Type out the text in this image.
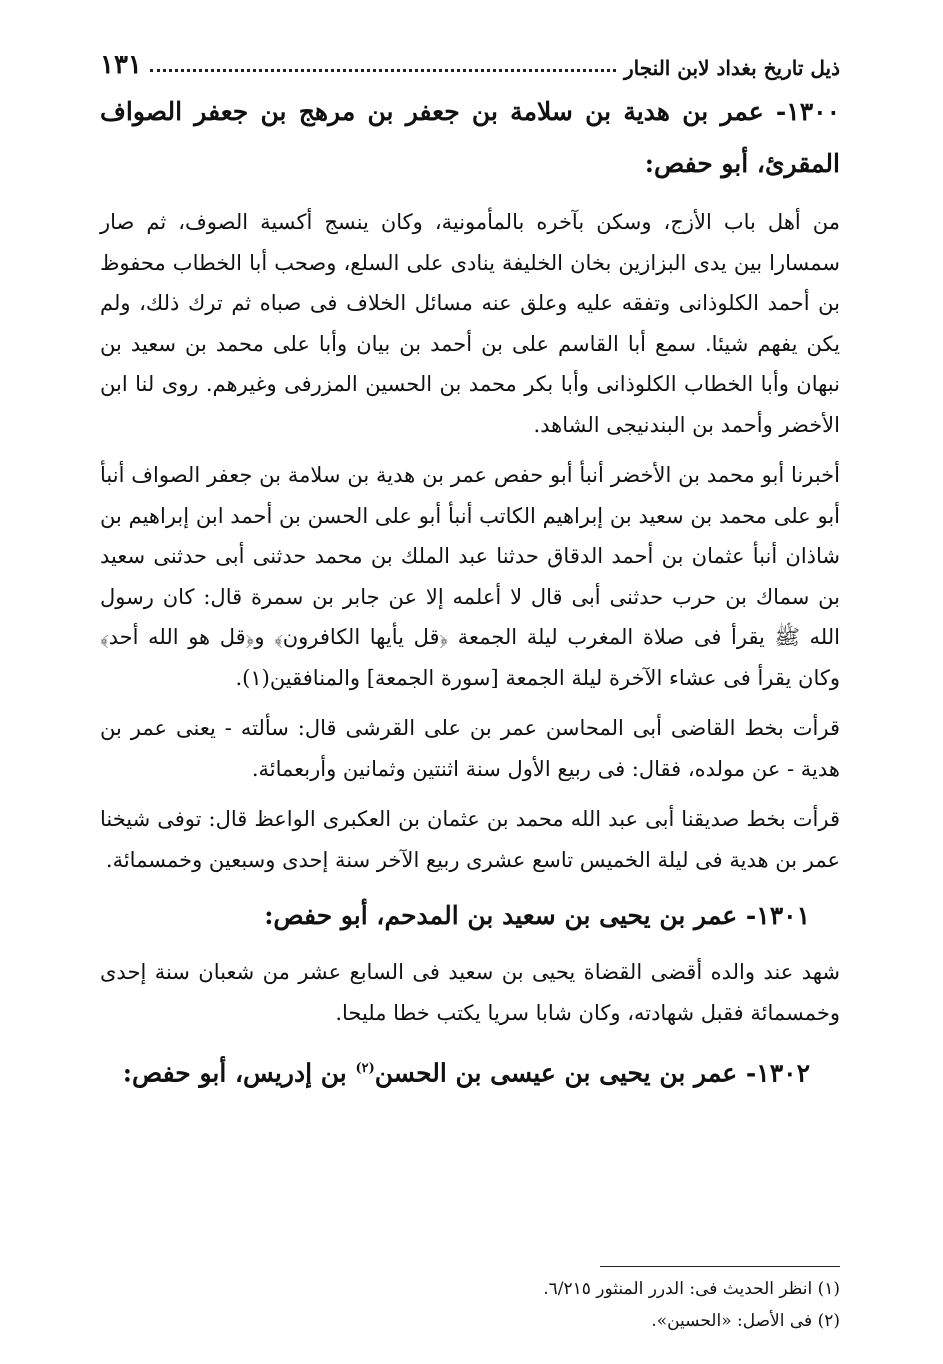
ذيل تاريخ بغداد لابن النجار
١٣١

١٣٠٠- عمر بن هدية بن سلامة بن جعفر بن مرهج بن جعفر الصواف المقرئ، أبو حفص:

من أهل باب الأزج، وسكن بآخره بالمأمونية، وكان ينسج أكسية الصوف، ثم صار سمسارا بين يدى البزازين بخان الخليفة ينادى على السلع، وصحب أبا الخطاب محفوظ بن أحمد الكلوذانى وتفقه عليه وعلق عنه مسائل الخلاف فى صباه ثم ترك ذلك، ولم يكن يفهم شيئا. سمع أبا القاسم على بن أحمد بن بيان وأبا على محمد بن سعيد بن نبهان وأبا الخطاب الكلوذانى وأبا بكر محمد بن الحسين المزرفى وغيرهم. روى لنا ابن الأخضر وأحمد بن البندنيجى الشاهد.

أخبرنا أبو محمد بن الأخضر أنبأ أبو حفص عمر بن هدية بن سلامة بن جعفر الصواف أنبأ أبو على محمد بن سعيد بن إبراهيم الكاتب أنبأ أبو على الحسن بن أحمد ابن إبراهيم بن شاذان أنبأ عثمان بن أحمد الدقاق حدثنا عبد الملك بن محمد حدثنى أبى حدثنى سعيد بن سماك بن حرب حدثنى أبى قال لا أعلمه إلا عن جابر بن سمرة قال: كان رسول الله ﷺ يقرأ فى صلاة المغرب ليلة الجمعة ﴿قل يأيها الكافرون﴾ و﴿قل هو الله أحد﴾ وكان يقرأ فى عشاء الآخرة ليلة الجمعة [سورة الجمعة] والمنافقين(١).

قرأت بخط القاضى أبى المحاسن عمر بن على القرشى قال: سألته - يعنى عمر بن هدية - عن مولده، فقال: فى ربيع الأول سنة اثنتين وثمانين وأربعمائة.

قرأت بخط صديقنا أبى عبد الله محمد بن عثمان بن العكبرى الواعظ قال: توفى شيخنا عمر بن هدية فى ليلة الخميس تاسع عشرى ربيع الآخر سنة إحدى وسبعين وخمسمائة.

١٣٠١- عمر بن يحيى بن سعيد بن المدحم، أبو حفص:

شهد عند والده أقضى القضاة يحيى بن سعيد فى السابع عشر من شعبان سنة إحدى وخمسمائة فقبل شهادته، وكان شابا سريا يكتب خطا مليحا.

١٣٠٢- عمر بن يحيى بن عيسى بن الحسن$^{(٢)}$ بن إدريس، أبو حفص:

(١) انظر الحديث فى: الدرر المنثور ٦/٢١٥.

(٢) فى الأصل: «الحسين».
